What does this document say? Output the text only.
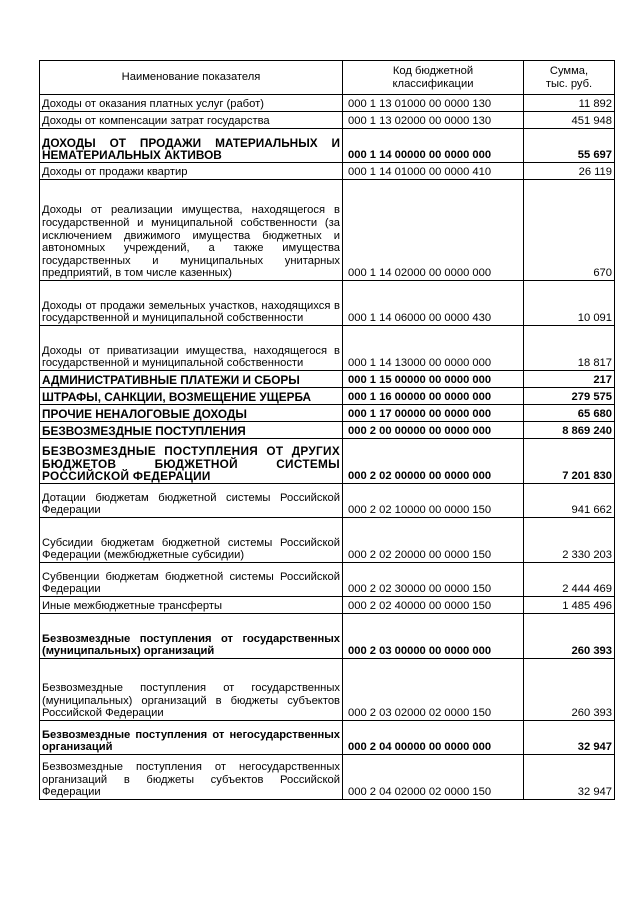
Наименование показателя	Код бюджетной классификации	Сумма, тыс. руб.
Доходы от оказания платных услуг (работ)	000 1 13 01000 00 0000 130	11 892
Доходы от компенсации затрат государства	000 1 13 02000 00 0000 130	451 948
ДОХОДЫ ОТ ПРОДАЖИ МАТЕРИАЛЬНЫХ И НЕМАТЕРИАЛЬНЫХ АКТИВОВ	000 1 14 00000 00 0000 000	55 697
Доходы от продажи квартир	000 1 14 01000 00 0000 410	26 119
Доходы от реализации имущества, находящегося в государственной и муниципальной собственности (за исключением движимого имущества бюджетных и автономных учреждений, а также имущества государственных и муниципальных унитарных предприятий, в том числе казенных)	000 1 14 02000 00 0000 000	670
Доходы от продажи земельных участков, находящихся в государственной и муниципальной собственности	000 1 14 06000 00 0000 430	10 091
Доходы от приватизации имущества, находящегося в государственной и муниципальной собственности	000 1 14 13000 00 0000 000	18 817
АДМИНИСТРАТИВНЫЕ ПЛАТЕЖИ И СБОРЫ	000 1 15 00000 00 0000 000	217
ШТРАФЫ, САНКЦИИ, ВОЗМЕЩЕНИЕ УЩЕРБА	000 1 16 00000 00 0000 000	279 575
ПРОЧИЕ НЕНАЛОГОВЫЕ ДОХОДЫ	000 1 17 00000 00 0000 000	65 680
БЕЗВОЗМЕЗДНЫЕ ПОСТУПЛЕНИЯ	000 2 00 00000 00 0000 000	8 869 240
БЕЗВОЗМЕЗДНЫЕ ПОСТУПЛЕНИЯ ОТ ДРУГИХ БЮДЖЕТОВ БЮДЖЕТНОЙ СИСТЕМЫ РОССИЙСКОЙ ФЕДЕРАЦИИ	000 2 02 00000 00 0000 000	7 201 830
Дотации бюджетам бюджетной системы Российской Федерации	000 2 02 10000 00 0000 150	941 662
Субсидии бюджетам бюджетной системы Российской Федерации (межбюджетные субсидии)	000 2 02 20000 00 0000 150	2 330 203
Субвенции бюджетам бюджетной системы Российской Федерации	000 2 02 30000 00 0000 150	2 444 469
Иные межбюджетные трансферты	000 2 02 40000 00 0000 150	1 485 496
Безвозмездные поступления от государственных (муниципальных) организаций	000 2 03 00000 00 0000 000	260 393
Безвозмездные поступления от государственных (муниципальных) организаций в бюджеты субъектов Российской Федерации	000 2 03 02000 02 0000 150	260 393
Безвозмездные поступления от негосударственных организаций	000 2 04 00000 00 0000 000	32 947
Безвозмездные поступления от негосударственных организаций в бюджеты субъектов Российской Федерации	000 2 04 02000 02 0000 150	32 947
